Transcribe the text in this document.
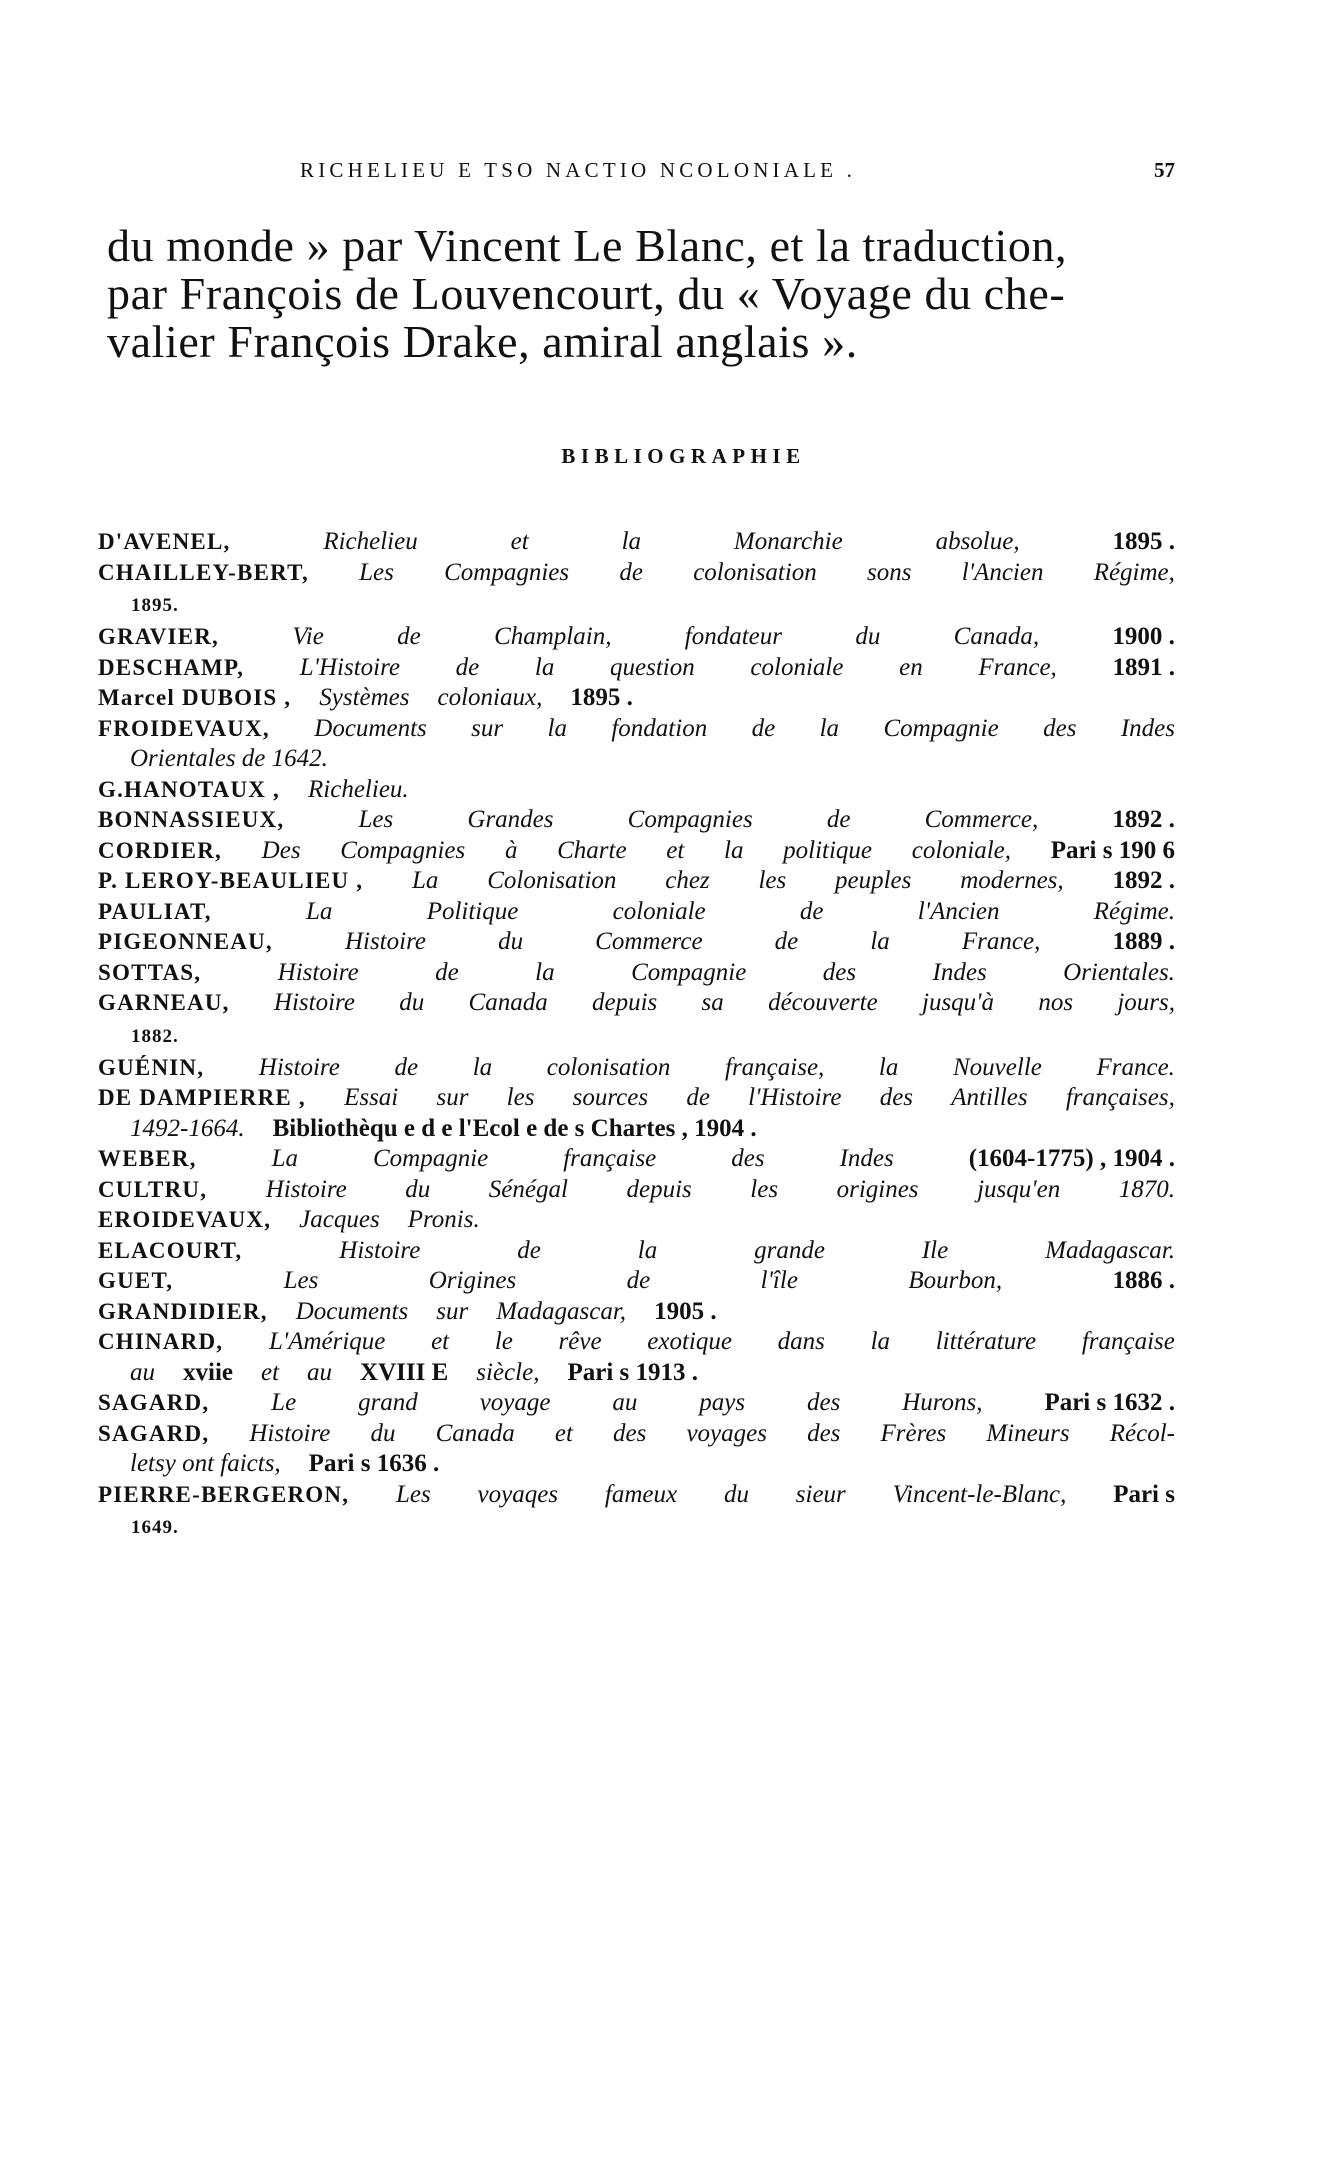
RICHELIEU E TSO NACTIO NCOLONIALE .	57
du monde » par Vincent Le Blanc, et la traduction,
par François de Louvencourt, du « Voyage du che-
valier François Drake, amiral anglais ».
BIBLIOGRAPHIE
D'AVENEL,	Richelieu	et	la	Monarchie	absolue,	1895 .
CHAILLEY-BERT, Les Compagnies de colonisation sons l'Ancien Régime,
1895.
GRAVIER,	Vie	de	Champlain,	fondateur	du	Canada,	1900 .
DESCHAMP, L'Histoire de la question coloniale en France, 1891 .
Marcel DUBOIS , Systèmes coloniaux, 1895 .
FROIDEVAUX, Documents sur la fondation de la Compagnie des Indes
Orientales de 1642.
G.HANOTAUX , Richelieu.
BONNASSIEUX,	Les	Grandes	Compagnies	de	Commerce,	1892 .
CORDIER, Des Compagnies à Charte et la politique coloniale, Pari s 190 6
P. LEROY-BEAULIEU , La Colonisation chez les peuples modernes, 1892 .
PAULIAT,	La	Politique	coloniale	de	l'Ancien	Régime.
PIGEONNEAU,	Histoire	du	Commerce	de	la	France,	1889 .
SOTTAS,	Histoire	de	la	Compagnie	des	Indes	Orientales.
GARNEAU, Histoire du Canada depuis sa découverte jusqu'à nos jours,
1882.
GUÉNIN, Histoire de la colonisation française, la Nouvelle France.
DE DAMPIERRE , Essai sur les sources de l'Histoire des Antilles françaises,
1492-1664. Bibliothèqu e d e l'Ecol e de s Chartes , 1904 .
WEBER,	La	Compagnie	française	des	Indes	(1604-1775) , 1904 .
CULTRU, Histoire du Sénégal depuis les origines jusqu'en 1870.
EROIDEVAUX, Jacques Pronis.
ELACOURT,	Histoire	de	la	grande	Ile	Madagascar.
GUET,	Les	Origines	de	l'île	Bourbon,	1886 .
GRANDIDIER, Documents sur Madagascar, 1905 .
CHINARD, L'Amérique et le rêve exotique dans la littérature française
au xviie et au XVIII E siècle, Pari s 1913 .
SAGARD, Le grand voyage au pays des Hurons, Pari s 1632 .
SAGARD, Histoire du Canada et des voyages des Frères Mineurs Récol-
letsy ont faicts, Pari s 1636 .
PIERRE-BERGERON, Les voyaqes fameux du sieur Vincent-le-Blanc, Pari s
1649.
